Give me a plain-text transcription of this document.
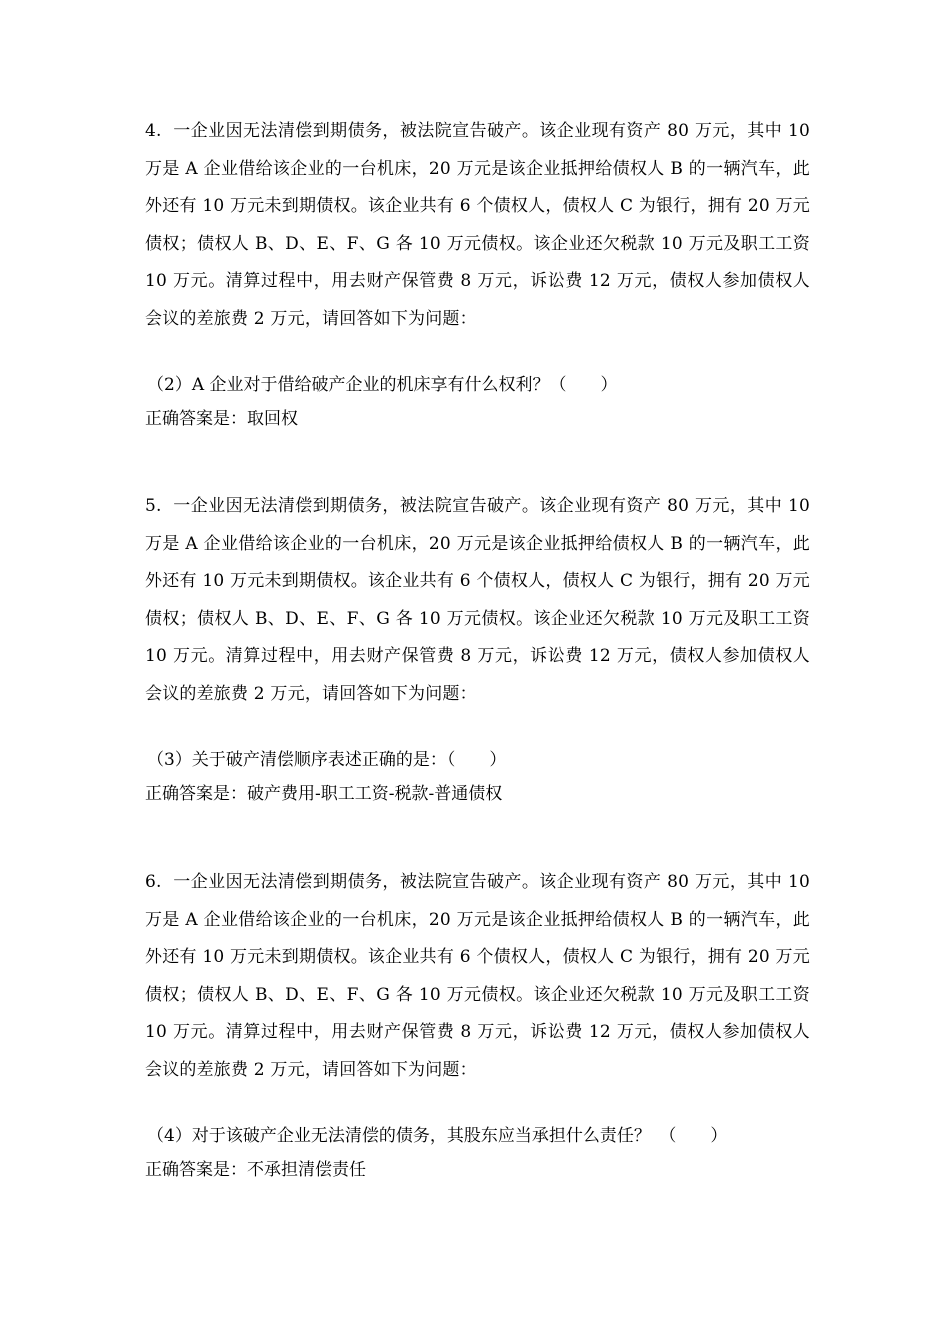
4. 一企业因无法清偿到期债务，被法院宣告破产。该企业现有资产 80 万元，其中 10 万是 A 企业借给该企业的一台机床，20 万元是该企业抵押给债权人 B 的一辆汽车，此外还有 10 万元未到期债权。该企业共有 6 个债权人，债权人 C 为银行，拥有 20 万元债权；债权人 B、D、E、F、G 各 10 万元债权。该企业还欠税款 10 万元及职工工资 10 万元。清算过程中，用去财产保管费 8 万元，诉讼费 12 万元，债权人参加债权人会议的差旅费 2 万元，请回答如下为问题：

（2）A 企业对于借给破产企业的机床享有什么权利？（　　）

正确答案是：取回权

5. 一企业因无法清偿到期债务，被法院宣告破产。该企业现有资产 80 万元，其中 10 万是 A 企业借给该企业的一台机床，20 万元是该企业抵押给债权人 B 的一辆汽车，此外还有 10 万元未到期债权。该企业共有 6 个债权人，债权人 C 为银行，拥有 20 万元债权；债权人 B、D、E、F、G 各 10 万元债权。该企业还欠税款 10 万元及职工工资 10 万元。清算过程中，用去财产保管费 8 万元，诉讼费 12 万元，债权人参加债权人会议的差旅费 2 万元，请回答如下为问题：

（3）关于破产清偿顺序表述正确的是：（　　）

正确答案是：破产费用-职工工资-税款-普通债权

6. 一企业因无法清偿到期债务，被法院宣告破产。该企业现有资产 80 万元，其中 10 万是 A 企业借给该企业的一台机床，20 万元是该企业抵押给债权人 B 的一辆汽车，此外还有 10 万元未到期债权。该企业共有 6 个债权人，债权人 C 为银行，拥有 20 万元债权；债权人 B、D、E、F、G 各 10 万元债权。该企业还欠税款 10 万元及职工工资 10 万元。清算过程中，用去财产保管费 8 万元，诉讼费 12 万元，债权人参加债权人会议的差旅费 2 万元，请回答如下为问题：

（4）对于该破产企业无法清偿的债务，其股东应当承担什么责任？　（　　）

正确答案是：不承担清偿责任
